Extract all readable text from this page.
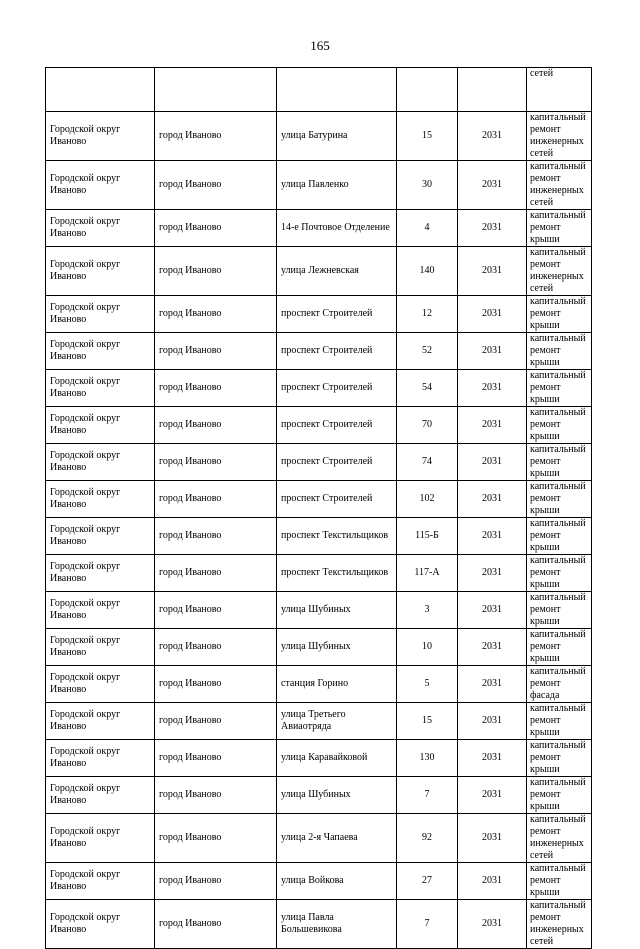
165
					сетей
Городской округ Иваново	город Иваново	улица Батурина	15	2031	капитальный ремонт инженерных сетей
Городской округ Иваново	город Иваново	улица Павленко	30	2031	капитальный ремонт инженерных сетей
Городской округ Иваново	город Иваново	14-е Почтовое Отделение	4	2031	капитальный ремонт крыши
Городской округ Иваново	город Иваново	улица Лежневская	140	2031	капитальный ремонт инженерных сетей
Городской округ Иваново	город Иваново	проспект Строителей	12	2031	капитальный ремонт крыши
Городской округ Иваново	город Иваново	проспект Строителей	52	2031	капитальный ремонт крыши
Городской округ Иваново	город Иваново	проспект Строителей	54	2031	капитальный ремонт крыши
Городской округ Иваново	город Иваново	проспект Строителей	70	2031	капитальный ремонт крыши
Городской округ Иваново	город Иваново	проспект Строителей	74	2031	капитальный ремонт крыши
Городской округ Иваново	город Иваново	проспект Строителей	102	2031	капитальный ремонт крыши
Городской округ Иваново	город Иваново	проспект Текстильщиков	115-Б	2031	капитальный ремонт крыши
Городской округ Иваново	город Иваново	проспект Текстильщиков	117-А	2031	капитальный ремонт крыши
Городской округ Иваново	город Иваново	улица Шубиных	3	2031	капитальный ремонт крыши
Городской округ Иваново	город Иваново	улица Шубиных	10	2031	капитальный ремонт крыши
Городской округ Иваново	город Иваново	станция Горино	5	2031	капитальный ремонт фасада
Городской округ Иваново	город Иваново	улица Третьего Авиаотряда	15	2031	капитальный ремонт крыши
Городской округ Иваново	город Иваново	улица Каравайковой	130	2031	капитальный ремонт крыши
Городской округ Иваново	город Иваново	улица Шубиных	7	2031	капитальный ремонт крыши
Городской округ Иваново	город Иваново	улица 2-я Чапаева	92	2031	капитальный ремонт инженерных сетей
Городской округ Иваново	город Иваново	улица Войкова	27	2031	капитальный ремонт крыши
Городской округ Иваново	город Иваново	улица Павла Большевикова	7	2031	капитальный ремонт инженерных сетей
